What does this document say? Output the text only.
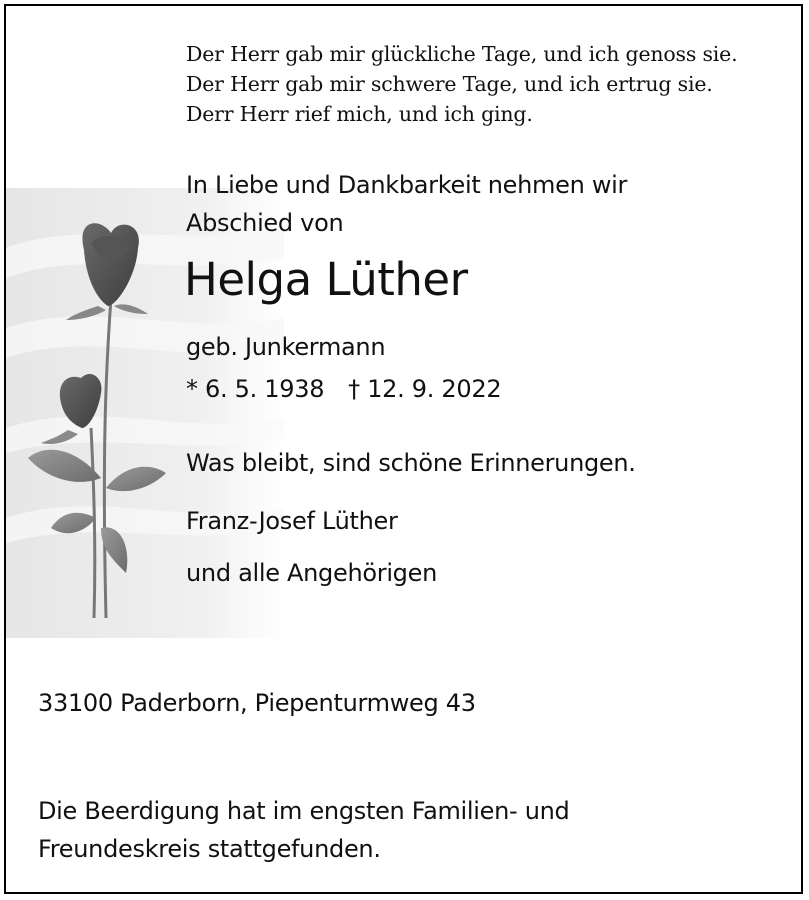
Der Herr gab mir glückliche Tage, und ich genoss sie.
Der Herr gab mir schwere Tage, und ich ertrug sie.
Derr Herr rief mich, und ich ging.
In Liebe und Dankbarkeit nehmen wir
Abschied von
Helga Lüther
geb. Junkermann
* 6. 5. 1938 † 12. 9. 2022
Was bleibt, sind schöne Erinnerungen.
Franz-Josef Lüther
und alle Angehörigen
33100 Paderborn, Piepenturmweg 43
Die Beerdigung hat im engsten Familien- und
Freundeskreis stattgefunden.
